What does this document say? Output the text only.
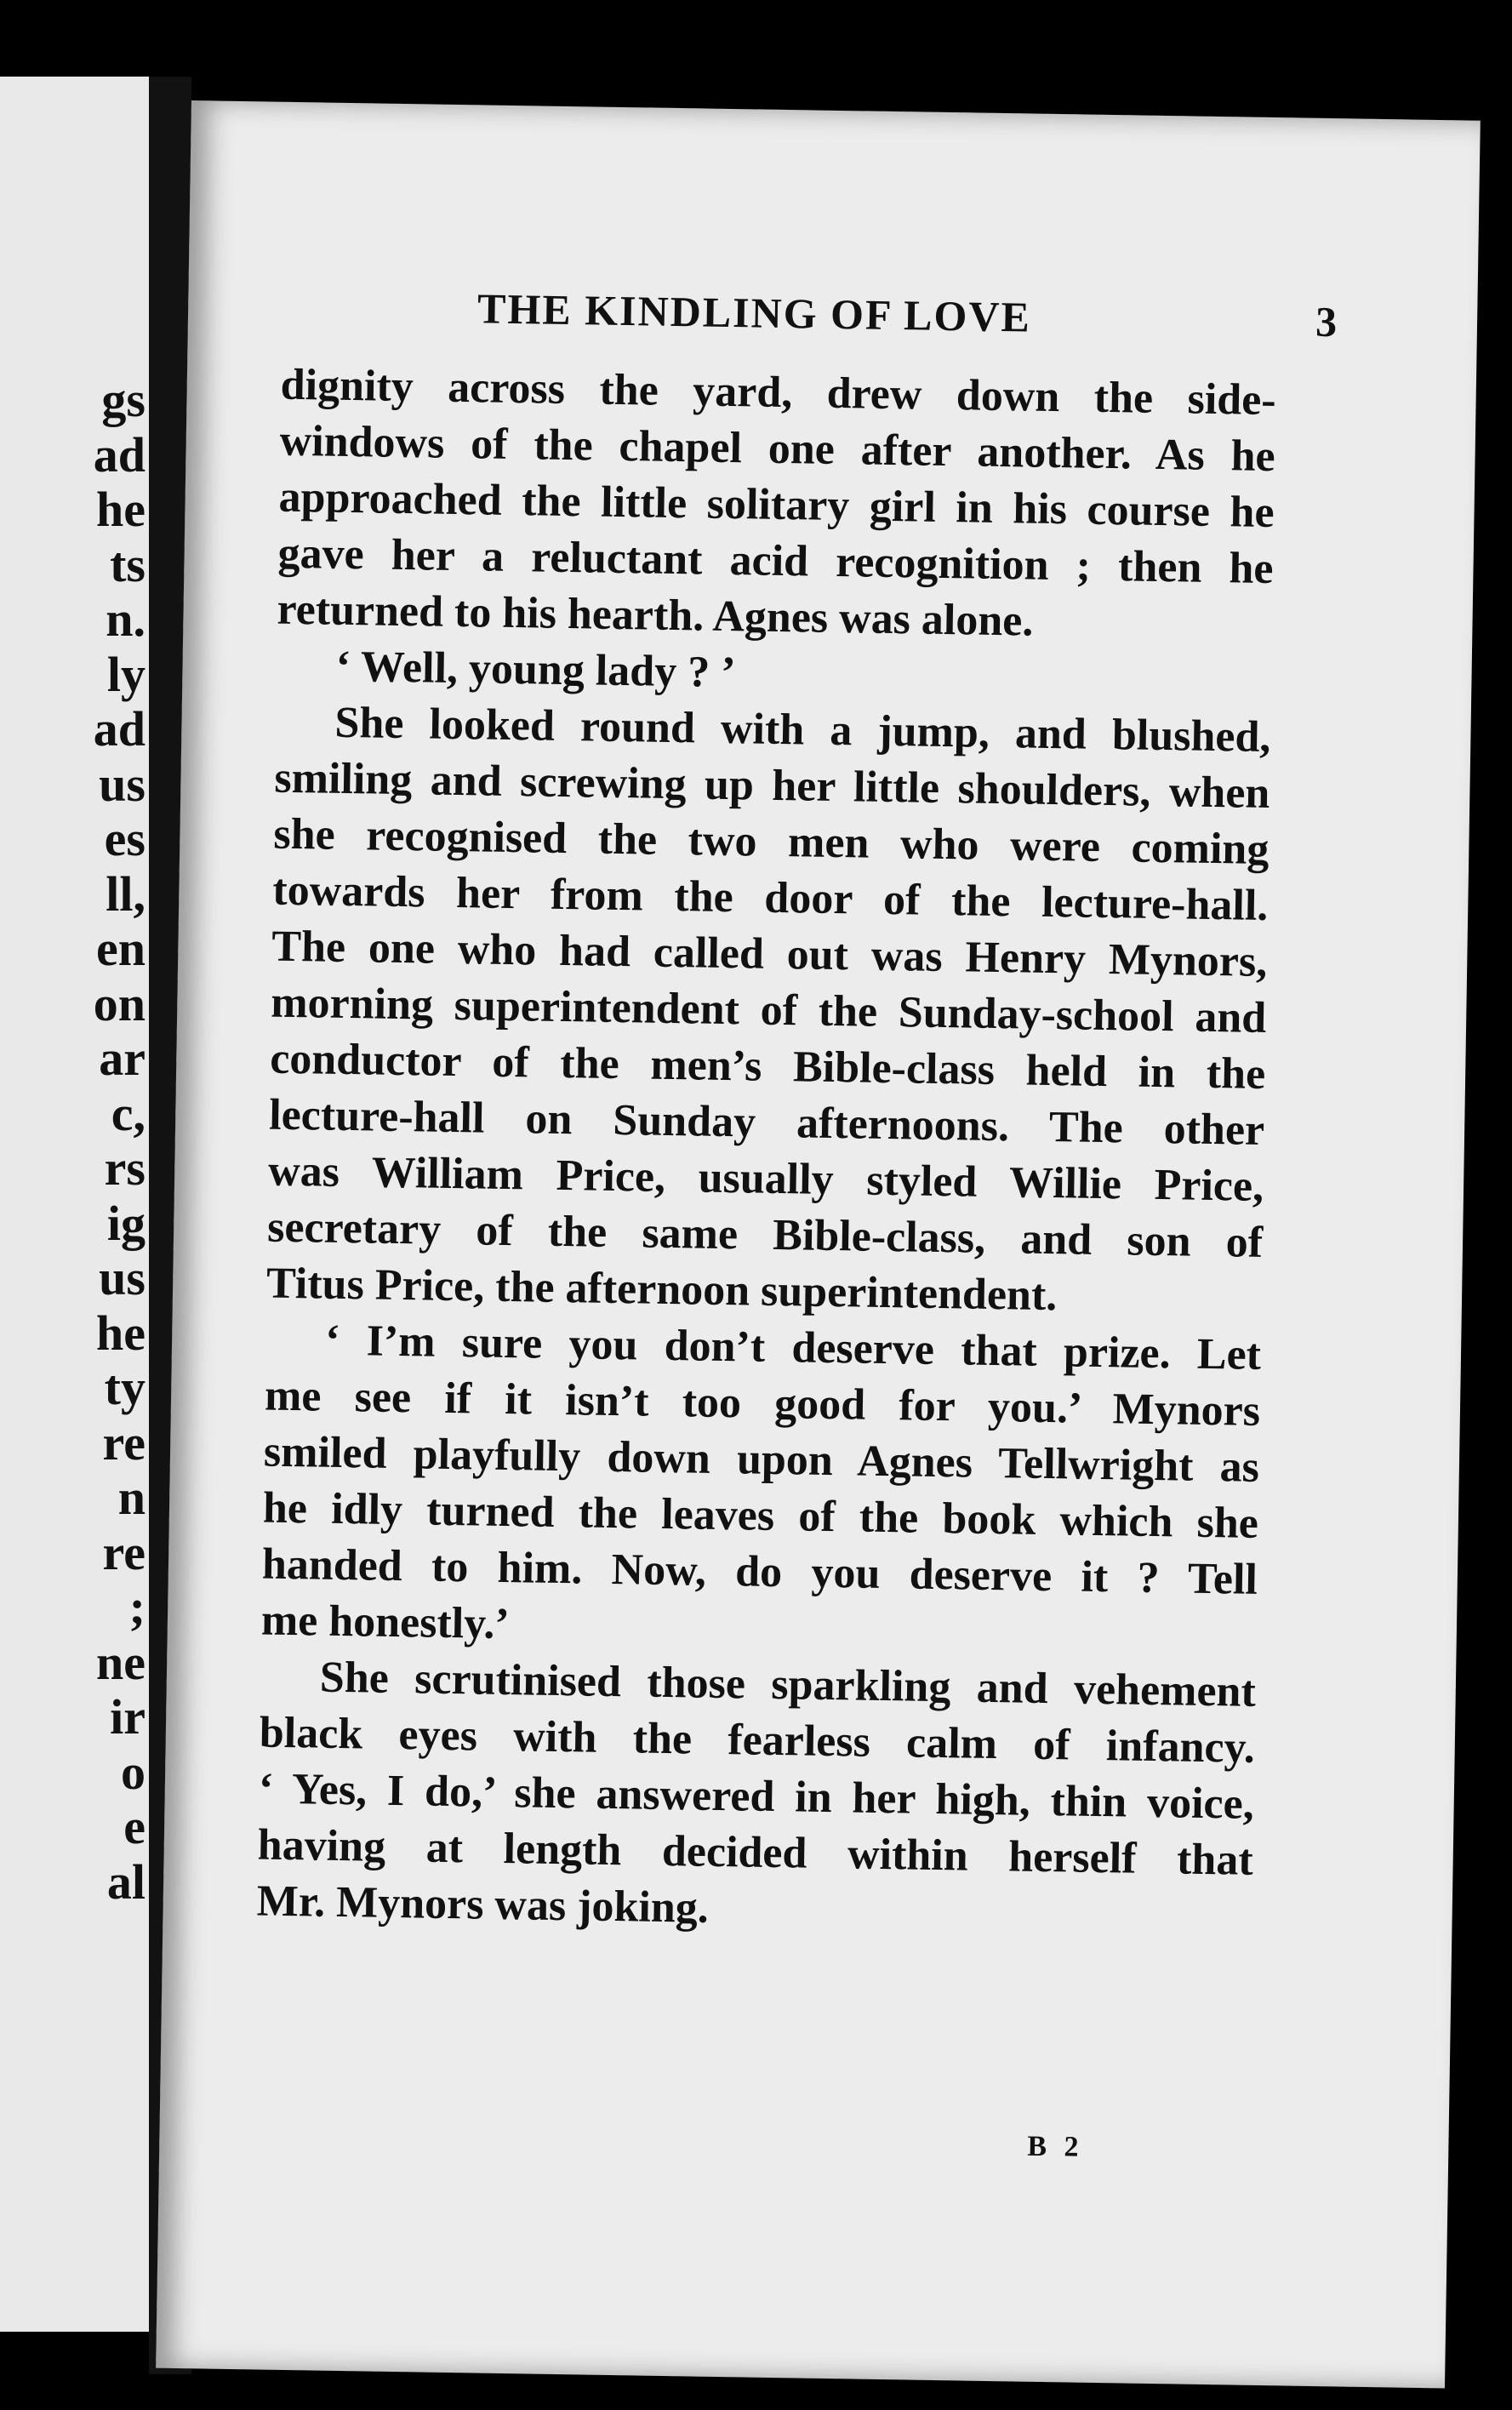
gs
ad
he
ts
n.
ly
ad
us
es
ll,
en
on
ar
c,
rs
ig
us
he
ty
re
n
re
;
ne
ir
o
e
al
THE KINDLING OF LOVE	3
dignity across the yard, drew down the side-
windows of the chapel one after another. As he
approached the little solitary girl in his course he
gave her a reluctant acid recognition ; then he
returned to his hearth. Agnes was alone.
‘ Well, young lady ? ’
She looked round with a jump, and blushed,
smiling and screwing up her little shoulders, when
she recognised the two men who were coming
towards her from the door of the lecture-hall.
The one who had called out was Henry Mynors,
morning superintendent of the Sunday-school and
conductor of the men’s Bible-class held in the
lecture-hall on Sunday afternoons. The other
was William Price, usually styled Willie Price,
secretary of the same Bible-class, and son of
Titus Price, the afternoon superintendent.
‘ I’m sure you don’t deserve that prize. Let
me see if it isn’t too good for you.’ Mynors
smiled playfully down upon Agnes Tellwright as
he idly turned the leaves of the book which she
handed to him. Now, do you deserve it ? Tell
me honestly.’
She scrutinised those sparkling and vehement
black eyes with the fearless calm of infancy.
‘ Yes, I do,’ she answered in her high, thin voice,
having at length decided within herself that
Mr. Mynors was joking.
B 2
